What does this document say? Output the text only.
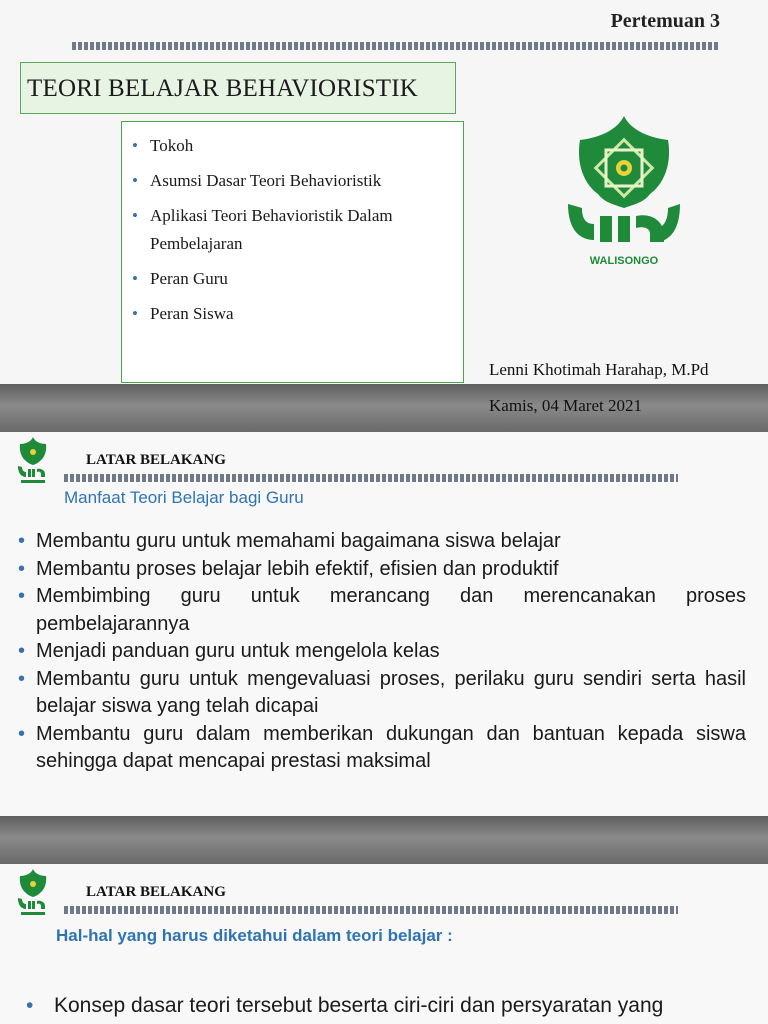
Pertemuan 3
TEORI BELAJAR BEHAVIORISTIK
• Tokoh
• Asumsi Dasar Teori Behavioristik
• Aplikasi Teori Behavioristik Dalam Pembelajaran
• Peran Guru
• Peran Siswa
WALISONGO
Lenni Khotimah Harahap, M.Pd
Kamis, 04 Maret 2021
LATAR BELAKANG
Manfaat Teori Belajar bagi Guru
• Membantu guru untuk memahami bagaimana siswa belajar
• Membantu proses belajar lebih efektif, efisien dan produktif
• Membimbing guru untuk merancang dan merencanakan proses pembelajarannya
• Menjadi panduan guru untuk mengelola kelas
• Membantu guru untuk mengevaluasi proses, perilaku guru sendiri serta hasil belajar siswa yang telah dicapai
• Membantu guru dalam memberikan dukungan dan bantuan kepada siswa sehingga dapat mencapai prestasi maksimal
LATAR BELAKANG
Hal-hal yang harus diketahui dalam teori belajar :
• Konsep dasar teori tersebut beserta ciri-ciri dan persyaratan yang
